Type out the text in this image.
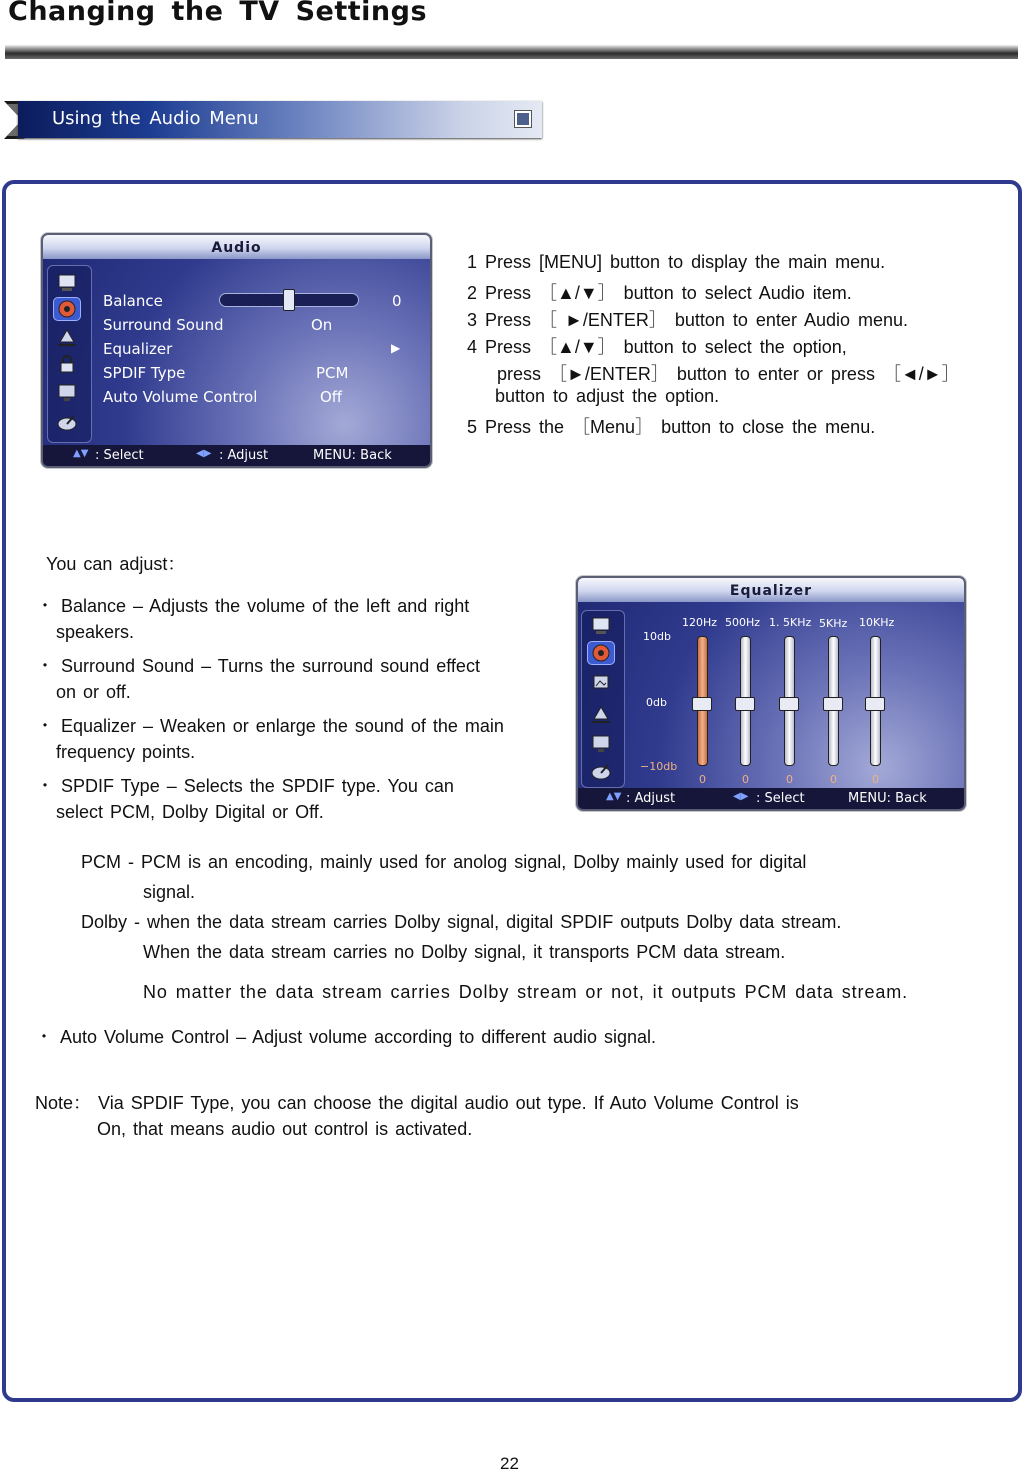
Changing the TV Settings
Using the Audio Menu
Audio
Balance	0
Surround Sound	On
Equalizer	▶
SPDIF Type	PCM
Auto Volume Control	Off
▲▼ : Select	◀▶ : Adjust	MENU: Back
1 Press [MENU] button to display the main menu.
2 Press ［▲/▼］ button to select Audio item.
3 Press ［ ►/ENTER］ button to enter Audio menu.
4 Press ［▲/▼］ button to select the option,
press ［►/ENTER］ button to enter or press ［◄/►］
button to adjust the option.
5 Press the ［Menu］ button to close the menu.
You can adjust：
・ Balance – Adjusts the volume of the left and right
speakers.
・ Surround Sound – Turns the surround sound effect
on or off.
・ Equalizer – Weaken or enlarge the sound of the main
frequency points.
・ SPDIF Type – Selects the SPDIF type. You can
select PCM, Dolby Digital or Off.
Equalizer
10db
0db
−10db
120Hz 500Hz 1. 5KHz 5KHz 10KHz
0	0	0	0	0
▲▼ : Adjust	◀▶ : Select	MENU: Back
PCM - PCM is an encoding, mainly used for anolog signal, Dolby mainly used for digital
signal.
Dolby - when the data stream carries Dolby signal, digital SPDIF outputs Dolby data stream.
When the data stream carries no Dolby signal, it transports PCM data stream.
No matter the data stream carries Dolby stream or not, it outputs PCM data stream.
・ Auto Volume Control – Adjust volume according to different audio signal.
Note： Via SPDIF Type, you can choose the digital audio out type. If Auto Volume Control is
On, that means audio out control is activated.
22
